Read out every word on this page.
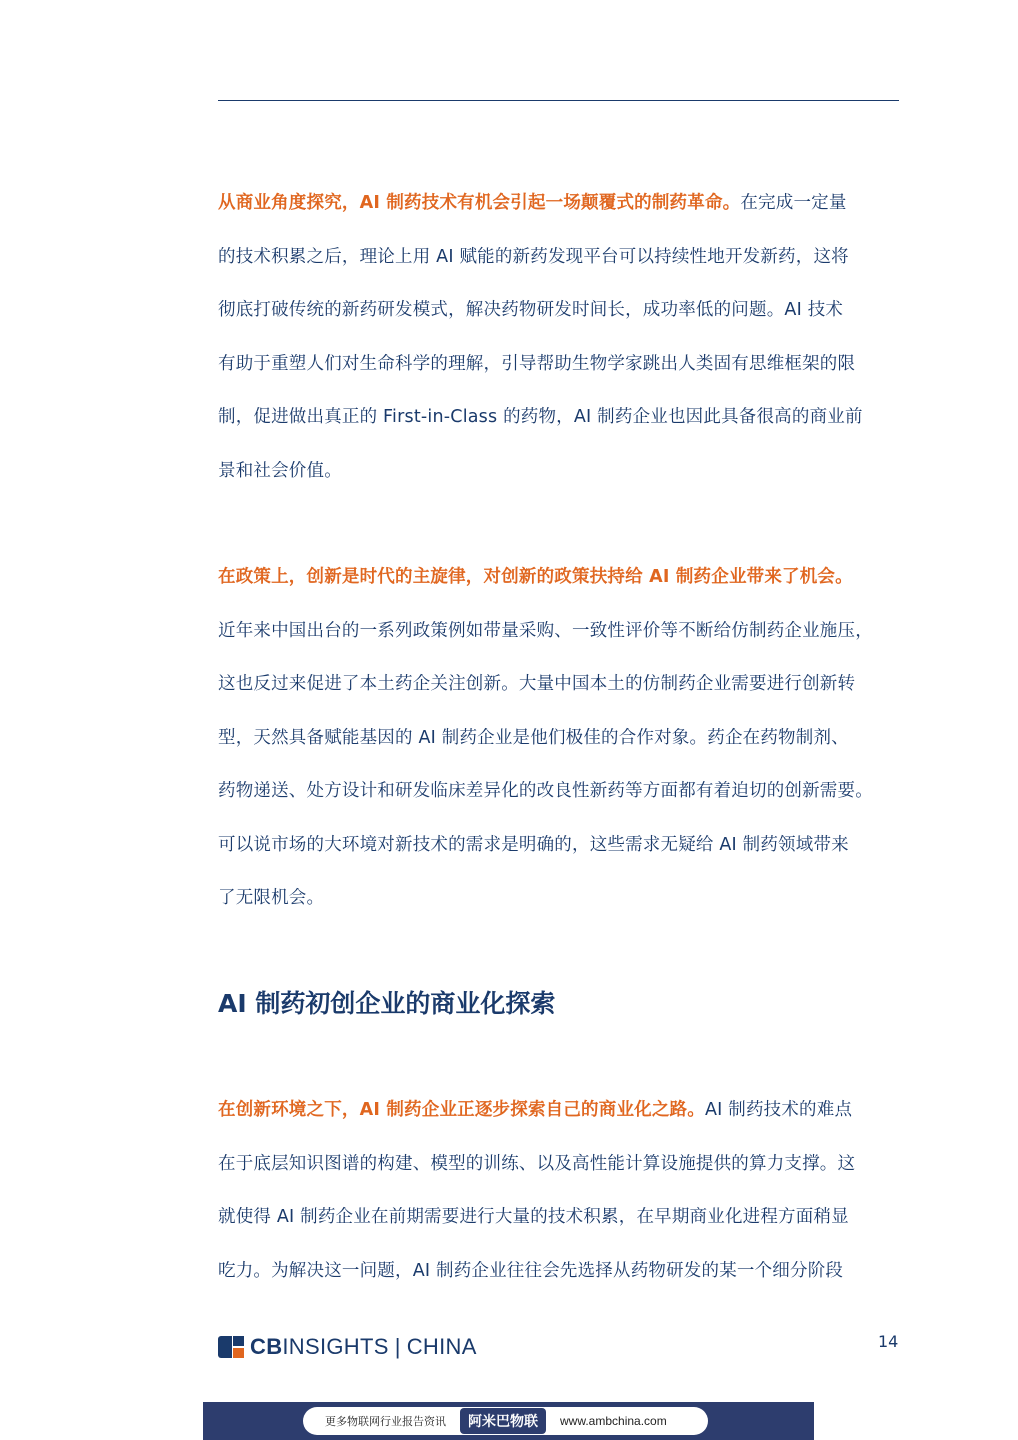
从商业角度探究，AI 制药技术有机会引起一场颠覆式的制药革命。在完成一定量
的技术积累之后，理论上用 AI 赋能的新药发现平台可以持续性地开发新药，这将
彻底打破传统的新药研发模式，解决药物研发时间长，成功率低的问题。AI 技术
有助于重塑人们对生命科学的理解，引导帮助生物学家跳出人类固有思维框架的限
制，促进做出真正的 First-in-Class 的药物，AI 制药企业也因此具备很高的商业前
景和社会价值。

在政策上，创新是时代的主旋律，对创新的政策扶持给 AI 制药企业带来了机会。
近年来中国出台的一系列政策例如带量采购、一致性评价等不断给仿制药企业施压，
这也反过来促进了本土药企关注创新。大量中国本土的仿制药企业需要进行创新转
型，天然具备赋能基因的 AI 制药企业是他们极佳的合作对象。药企在药物制剂、
药物递送、处方设计和研发临床差异化的改良性新药等方面都有着迫切的创新需要。
可以说市场的大环境对新技术的需求是明确的，这些需求无疑给 AI 制药领域带来
了无限机会。

AI 制药初创企业的商业化探索

在创新环境之下，AI 制药企业正逐步探索自己的商业化之路。AI 制药技术的难点
在于底层知识图谱的构建、模型的训练、以及高性能计算设施提供的算力支撑。这
就使得 AI 制药企业在前期需要进行大量的技术积累，在早期商业化进程方面稍显
吃力。为解决这一问题，AI 制药企业往往会先选择从药物研发的某一个细分阶段

CBINSIGHTS | CHINA	14
更多物联网行业报告资讯	阿米巴物联	www.ambchina.com
